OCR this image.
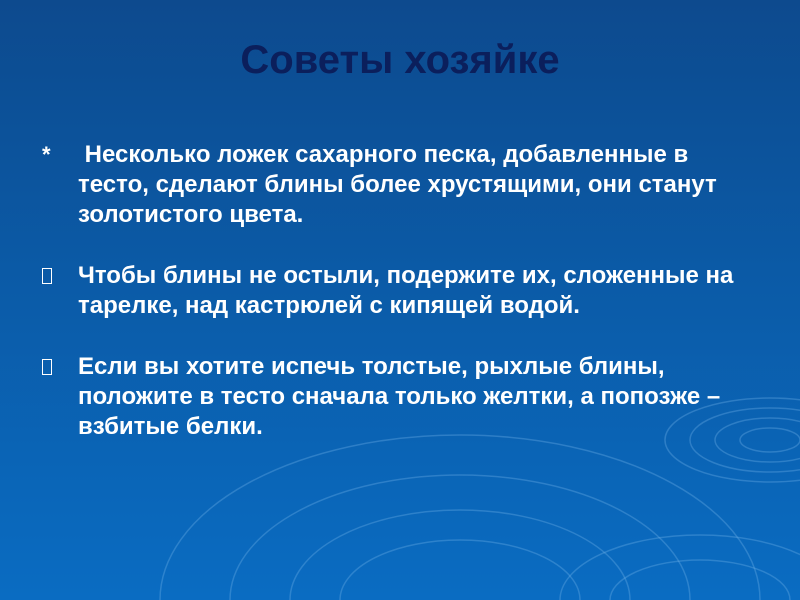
Советы хозяйке
*	Несколько ложек сахарного песка, добавленные в тесто, сделают блины более хрустящими, они станут золотистого цвета.
Чтобы блины не остыли, подержите их, сложенные на тарелке, над кастрюлей с кипящей водой.
Если вы хотите испечь толстые, рыхлые блины, положите в тесто сначала только желтки, а попозже – взбитые белки.
